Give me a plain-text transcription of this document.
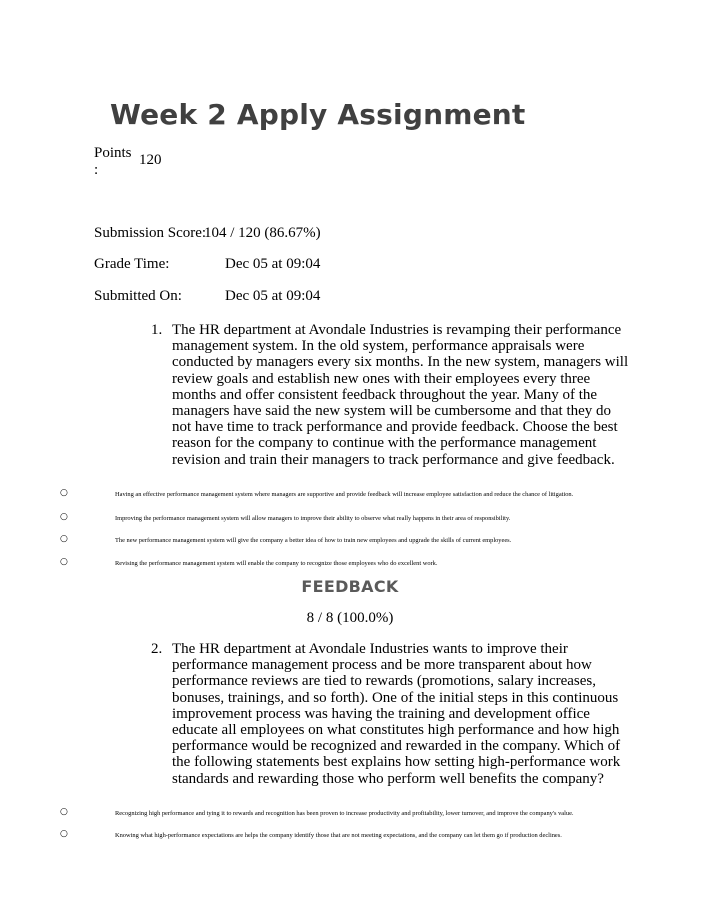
Week 2 Apply Assignment
Points :
120
Submission Score:
104 / 120 (86.67%)
Grade Time:	Dec 05 at 09:04
Submitted On:	Dec 05 at 09:04
1. The HR department at Avondale Industries is revamping their performance management system. In the old system, performance appraisals were conducted by managers every six months. In the new system, managers will review goals and establish new ones with their employees every three months and offer consistent feedback throughout the year. Many of the managers have said the new system will be cumbersome and that they do not have time to track performance and provide feedback. Choose the best reason for the company to continue with the performance management revision and train their managers to track performance and give feedback.
○	Having an effective performance management system where managers are supportive and provide feedback will increase employee satisfaction and reduce the chance of litigation.
○	Improving the performance management system will allow managers to improve their ability to observe what really happens in their area of responsibility.
○	The new performance management system will give the company a better idea of how to train new employees and upgrade the skills of current employees.
○	Revising the performance management system will enable the company to recognize those employees who do excellent work.
FEEDBACK
8 / 8 (100.0%)
2. The HR department at Avondale Industries wants to improve their performance management process and be more transparent about how performance reviews are tied to rewards (promotions, salary increases, bonuses, trainings, and so forth). One of the initial steps in this continuous improvement process was having the training and development office educate all employees on what constitutes high performance and how high performance would be recognized and rewarded in the company. Which of the following statements best explains how setting high-performance work standards and rewarding those who perform well benefits the company?
○	Recognizing high performance and tying it to rewards and recognition has been proven to increase productivity and profitability, lower turnover, and improve the company's value.
○	Knowing what high-performance expectations are helps the company identify those that are not meeting expectations, and the company can let them go if production declines.
